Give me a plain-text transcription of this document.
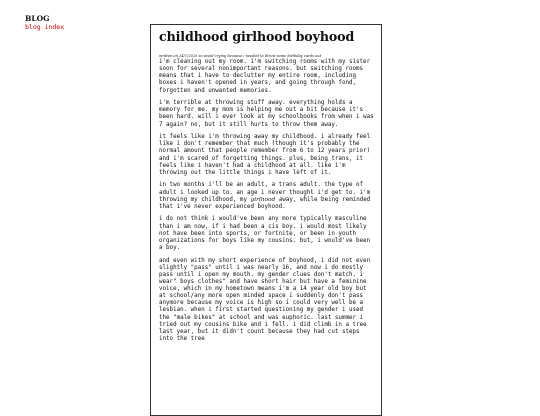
BLOG
blog index
childhood girlhood boyhood
written on 24/7/2025 so avoid crying because i needed to throw some birthday cards out

i'm cleaning out my room. i'm switching rooms with my sister soon for several nonimportant reasons. but switching rooms means that i have to declutter my entire room, including boxes i haven't opened in years, and going through fond, forgotten and unwanted memories.

i'm terrible at throwing stuff away. everything holds a memory for me. my mom is helping me out a bit because it's been hard. will i ever look at my schoolbooks from when i was 7 again? no, but it still hurts to throw them away.

it feels like i'm throwing away my childhood. i already feel like i don't remember that much (though it's probably the normal amount that people remember from 6 to 12 years prior) and i'm scared of forgetting things. plus, being trans, it feels like i haven't had a childhood at all. like i'm throwing out the little things i have left of it.

in two months i'll be an adult, a trans adult. the type of adult i looked up to. an age i never thought i'd get to. i'm throwing my childhood, my girlhood away, while being reminded that i've never experienced boyhood.

i do not think i would've been any more typically masculine than i am now, if i had been a cis boy. i would most likely not have been into sports, or fortnite, or been in youth organizations for boys like my cousins. but, i would've been a boy.

and even with my short experience of boyhood, i did not even slightly "pass" until i was nearly 16, and now i do mostly pass until i open my mouth. my gender clues don't match. i wear" boys clothes" and have short hair but have a feminine voice, which in my hometown means i'm a 14 year old boy but at school/any more open minded space i suddenly don't pass anymore because my voice is high so i could very well be a lesbian. when i first started questioning my gender i used the "male bikes" at school and was euphoric. last summer i tried out my cousins bike and i fell. i did climb in a tree last year, but it didn't count because they had cut steps into the tree
